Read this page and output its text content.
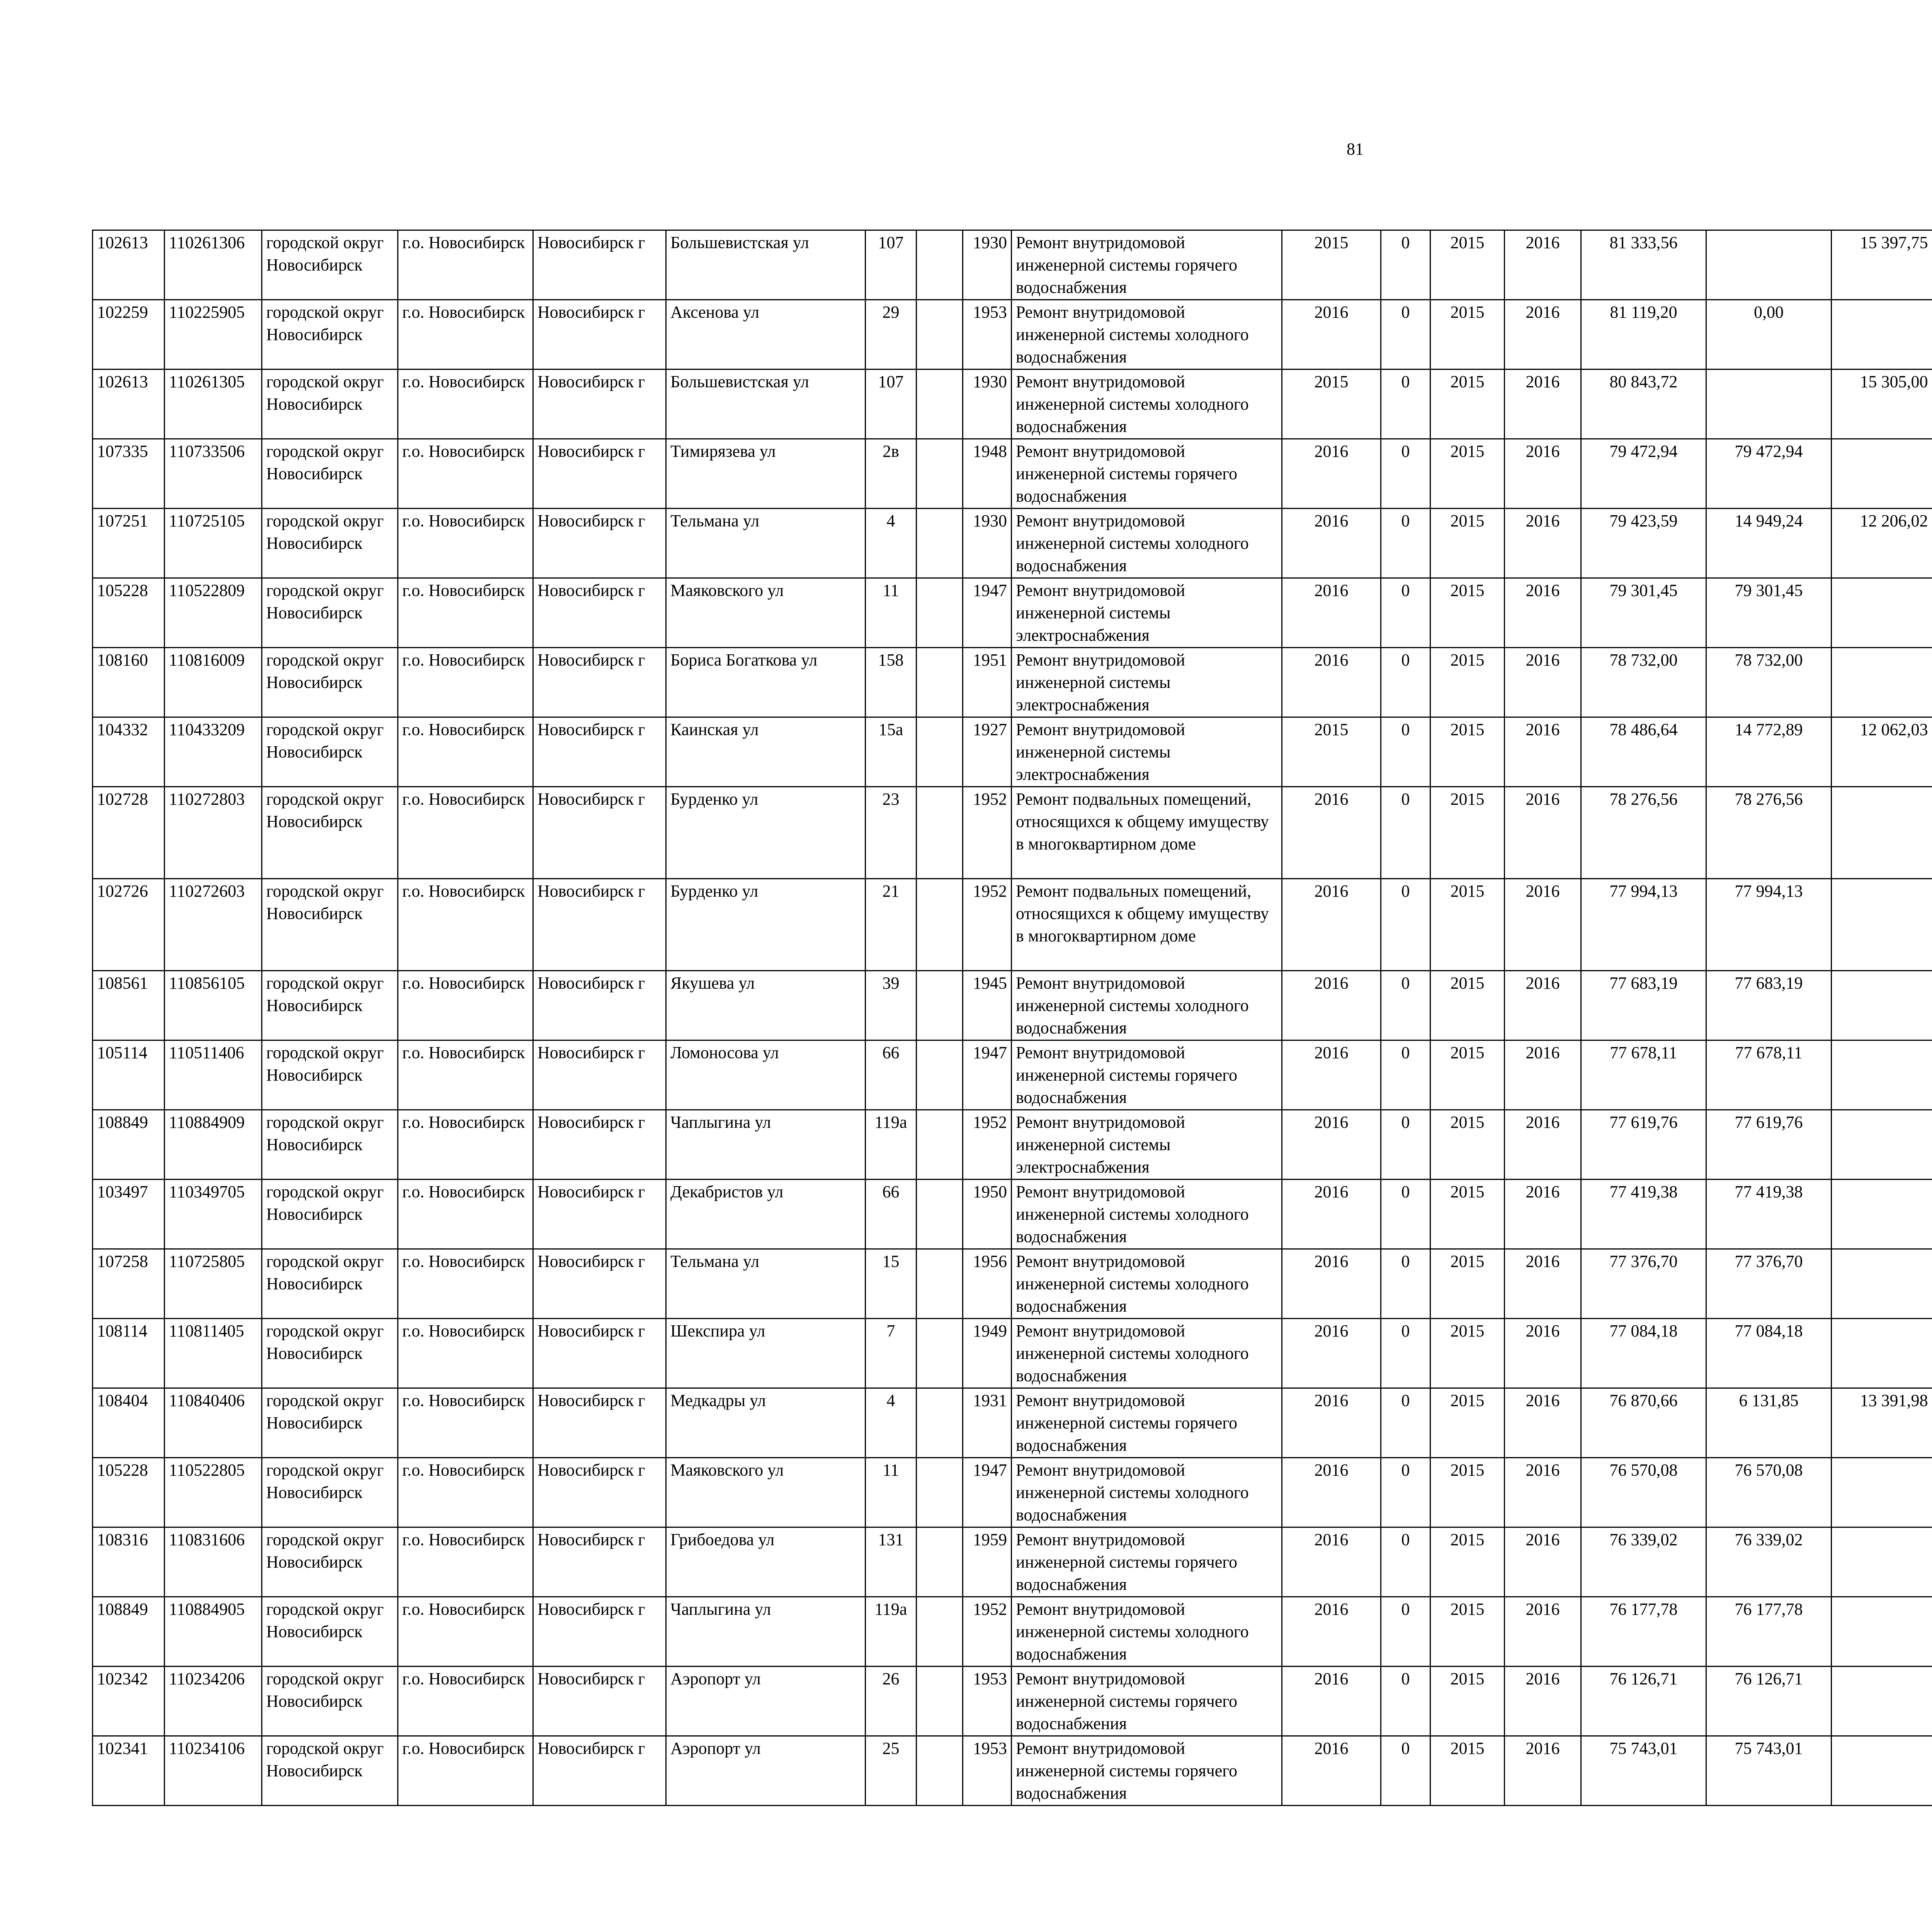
81
102613	110261306	городской округ Новосибирск	г.о. Новосибирск	Новосибирск г	Большевистская ул	107		1930	Ремонт внутридомовой инженерной системы горячего водоснабжения	2015	0	2015	2016	81 333,56		15 397,75					
102259	110225905	городской округ Новосибирск	г.о. Новосибирск	Новосибирск г	Аксенова ул	29		1953	Ремонт внутридомовой инженерной системы холодного водоснабжения	2016	0	2015	2016	81 119,20	0,00						
102613	110261305	городской округ Новосибирск	г.о. Новосибирск	Новосибирск г	Большевистская ул	107		1930	Ремонт внутридомовой инженерной системы холодного водоснабжения	2015	0	2015	2016	80 843,72		15 305,00					
107335	110733506	городской округ Новосибирск	г.о. Новосибирск	Новосибирск г	Тимирязева ул	2в		1948	Ремонт внутридомовой инженерной системы горячего водоснабжения	2016	0	2015	2016	79 472,94	79 472,94						
107251	110725105	городской округ Новосибирск	г.о. Новосибирск	Новосибирск г	Тельмана ул	4		1930	Ремонт внутридомовой инженерной системы холодного водоснабжения	2016	0	2015	2016	79 423,59	14 949,24	12 206,02					
105228	110522809	городской округ Новосибирск	г.о. Новосибирск	Новосибирск г	Маяковского ул	11		1947	Ремонт внутридомовой инженерной системы электроснабжения	2016	0	2015	2016	79 301,45	79 301,45						
108160	110816009	городской округ Новосибирск	г.о. Новосибирск	Новосибирск г	Бориса Богаткова ул	158		1951	Ремонт внутридомовой инженерной системы электроснабжения	2016	0	2015	2016	78 732,00	78 732,00						
104332	110433209	городской округ Новосибирск	г.о. Новосибирск	Новосибирск г	Каинская ул	15а		1927	Ремонт внутридомовой инженерной системы электроснабжения	2015	0	2015	2016	78 486,64	14 772,89	12 062,03					
102728	110272803	городской округ Новосибирск	г.о. Новосибирск	Новосибирск г	Бурденко ул	23		1952	Ремонт подвальных помещений, относящихся к общему имуществу в многоквартирном доме	2016	0	2015	2016	78 276,56	78 276,56						
102726	110272603	городской округ Новосибирск	г.о. Новосибирск	Новосибирск г	Бурденко ул	21		1952	Ремонт подвальных помещений, относящихся к общему имуществу в многоквартирном доме	2016	0	2015	2016	77 994,13	77 994,13						
108561	110856105	городской округ Новосибирск	г.о. Новосибирск	Новосибирск г	Якушева ул	39		1945	Ремонт внутридомовой инженерной системы холодного водоснабжения	2016	0	2015	2016	77 683,19	77 683,19						
105114	110511406	городской округ Новосибирск	г.о. Новосибирск	Новосибирск г	Ломоносова ул	66		1947	Ремонт внутридомовой инженерной системы горячего водоснабжения	2016	0	2015	2016	77 678,11	77 678,11						
108849	110884909	городской округ Новосибирск	г.о. Новосибирск	Новосибирск г	Чаплыгина ул	119а		1952	Ремонт внутридомовой инженерной системы электроснабжения	2016	0	2015	2016	77 619,76	77 619,76						
103497	110349705	городской округ Новосибирск	г.о. Новосибирск	Новосибирск г	Декабристов ул	66		1950	Ремонт внутридомовой инженерной системы холодного водоснабжения	2016	0	2015	2016	77 419,38	77 419,38						
107258	110725805	городской округ Новосибирск	г.о. Новосибирск	Новосибирск г	Тельмана ул	15		1956	Ремонт внутридомовой инженерной системы холодного водоснабжения	2016	0	2015	2016	77 376,70	77 376,70						
108114	110811405	городской округ Новосибирск	г.о. Новосибирск	Новосибирск г	Шекспира ул	7		1949	Ремонт внутридомовой инженерной системы холодного водоснабжения	2016	0	2015	2016	77 084,18	77 084,18						
108404	110840406	городской округ Новосибирск	г.о. Новосибирск	Новосибирск г	Медкадры ул	4		1931	Ремонт внутридомовой инженерной системы горячего водоснабжения	2016	0	2015	2016	76 870,66	6 131,85	13 391,98					
105228	110522805	городской округ Новосибирск	г.о. Новосибирск	Новосибирск г	Маяковского ул	11		1947	Ремонт внутридомовой инженерной системы холодного водоснабжения	2016	0	2015	2016	76 570,08	76 570,08						
108316	110831606	городской округ Новосибирск	г.о. Новосибирск	Новосибирск г	Грибоедова ул	131		1959	Ремонт внутридомовой инженерной системы горячего водоснабжения	2016	0	2015	2016	76 339,02	76 339,02						
108849	110884905	городской округ Новосибирск	г.о. Новосибирск	Новосибирск г	Чаплыгина ул	119а		1952	Ремонт внутридомовой инженерной системы холодного водоснабжения	2016	0	2015	2016	76 177,78	76 177,78						
102342	110234206	городской округ Новосибирск	г.о. Новосибирск	Новосибирск г	Аэропорт ул	26		1953	Ремонт внутридомовой инженерной системы горячего водоснабжения	2016	0	2015	2016	76 126,71	76 126,71						
102341	110234106	городской округ Новосибирск	г.о. Новосибирск	Новосибирск г	Аэропорт ул	25		1953	Ремонт внутридомовой инженерной системы горячего водоснабжения	2016	0	2015	2016	75 743,01	75 743,01						
